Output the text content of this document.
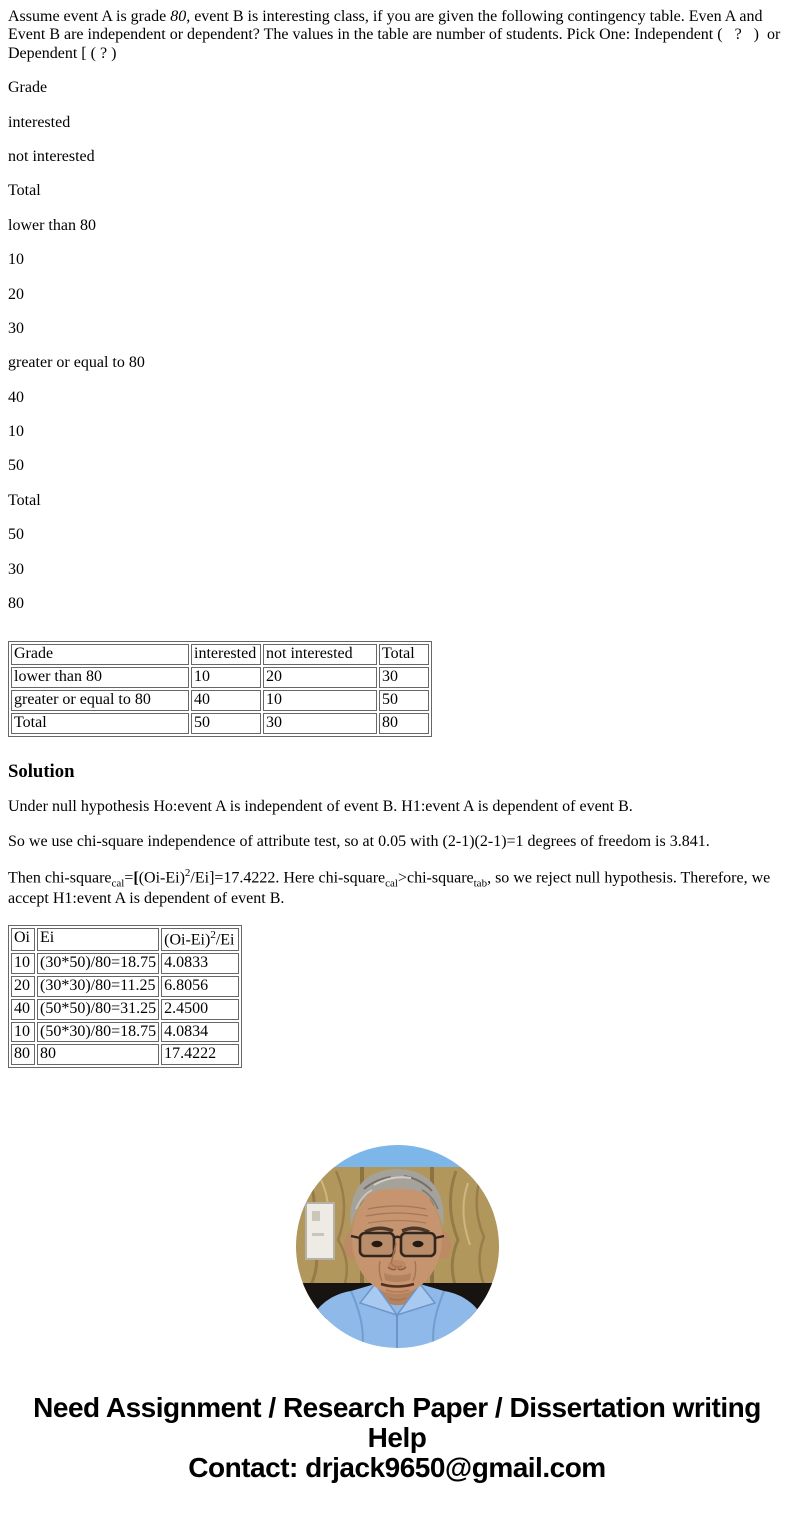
Assume event A is grade 80, event B is interesting class, if you are given the following contingency table. Even A and Event B are independent or dependent? The values in the table are number of students. Pick One: Independent (   ?   )  or Dependent [ ( ? )

Grade

interested

not interested

Total

lower than 80

10

20

30

greater or equal to 80

40

10

50

Total

50

30

80

Grade	interested	not interested	Total
lower than 80	10	20	30
greater or equal to 80	40	10	50
Total	50	30	80
Solution

Under null hypothesis Ho:event A is independent of event B. H1:event A is dependent of event B.

So we use chi-square independence of attribute test, so at 0.05 with (2-1)(2-1)=1 degrees of freedom is 3.841.

Then chi-$square_{cal}=[(Oi-Ei)^2/Ei]=17.4222$. Here chi-square$_{cal}$>chi-square$_{tab}$, so we reject null hypothesis. Therefore, we accept H1:event A is dependent of event B.

Oi	Ei	$(Oi-Ei)^2/Ei$
10	(30*50)/80=18.75	4.0833
20	(30*30)/80=11.25	6.8056
40	(50*50)/80=31.25	2.4500
10	(50*30)/80=18.75	4.0834
80	80	17.4222
Need Assignment / Research Paper / Dissertation writing Help
Contact: drjack9650@gmail.com
